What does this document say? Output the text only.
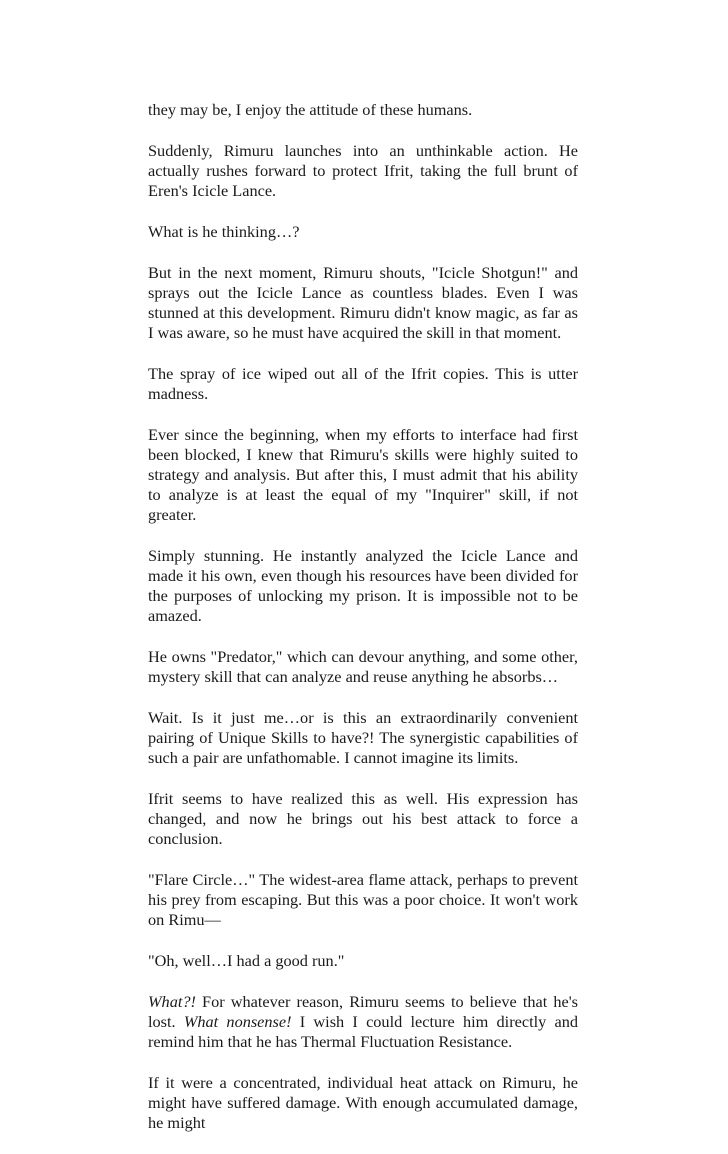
they may be, I enjoy the attitude of these humans.

Suddenly, Rimuru launches into an unthinkable action. He actually rushes forward to protect Ifrit, taking the full brunt of Eren's Icicle Lance.

What is he thinking…?

But in the next moment, Rimuru shouts, "Icicle Shotgun!" and sprays out the Icicle Lance as countless blades. Even I was stunned at this development. Rimuru didn't know magic, as far as I was aware, so he must have acquired the skill in that moment.

The spray of ice wiped out all of the Ifrit copies. This is utter madness.

Ever since the beginning, when my efforts to interface had first been blocked, I knew that Rimuru's skills were highly suited to strategy and analysis. But after this, I must admit that his ability to analyze is at least the equal of my "Inquirer" skill, if not greater.

Simply stunning. He instantly analyzed the Icicle Lance and made it his own, even though his resources have been divided for the purposes of unlocking my prison. It is impossible not to be amazed.

He owns "Predator," which can devour anything, and some other, mystery skill that can analyze and reuse anything he absorbs…

Wait. Is it just me…or is this an extraordinarily convenient pairing of Unique Skills to have?! The synergistic capabilities of such a pair are unfathomable. I cannot imagine its limits.

Ifrit seems to have realized this as well. His expression has changed, and now he brings out his best attack to force a conclusion.

"Flare Circle…" The widest-area flame attack, perhaps to prevent his prey from escaping. But this was a poor choice. It won't work on Rimu—

"Oh, well…I had a good run."

What?! For whatever reason, Rimuru seems to believe that he's lost. What nonsense! I wish I could lecture him directly and remind him that he has Thermal Fluctuation Resistance.

If it were a concentrated, individual heat attack on Rimuru, he might have suffered damage. With enough accumulated damage, he might
